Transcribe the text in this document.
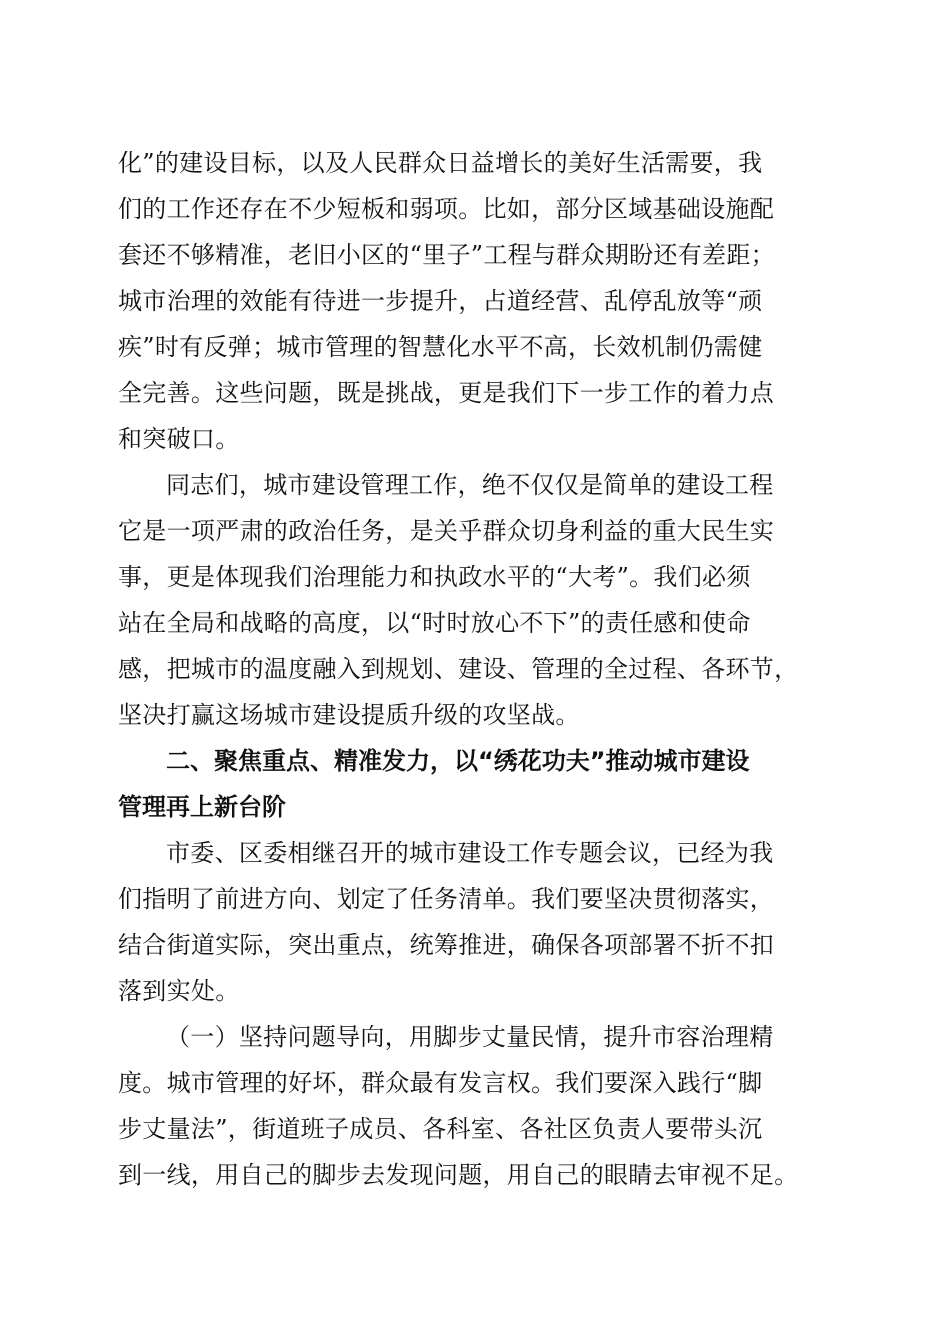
化”的建设目标，以及人民群众日益增长的美好生活需要，我
们的工作还存在不少短板和弱项。比如，部分区域基础设施配
套还不够精准，老旧小区的“里子”工程与群众期盼还有差距；
城市治理的效能有待进一步提升，占道经营、乱停乱放等“顽
疾”时有反弹；城市管理的智慧化水平不高，长效机制仍需健
全完善。这些问题，既是挑战，更是我们下一步工作的着力点
和突破口。
同志们，城市建设管理工作，绝不仅仅是简单的建设工程
它是一项严肃的政治任务，是关乎群众切身利益的重大民生实
事，更是体现我们治理能力和执政水平的“大考”。我们必须
站在全局和战略的高度，以“时时放心不下”的责任感和使命
感，把城市的温度融入到规划、建设、管理的全过程、各环节，
坚决打赢这场城市建设提质升级的攻坚战。
二、聚焦重点、精准发力，以“绣花功夫”推动城市建设
管理再上新台阶
市委、区委相继召开的城市建设工作专题会议，已经为我
们指明了前进方向、划定了任务清单。我们要坚决贯彻落实，
结合街道实际，突出重点，统筹推进，确保各项部署不折不扣
落到实处。
（一）坚持问题导向，用脚步丈量民情，提升市容治理精
度。城市管理的好坏，群众最有发言权。我们要深入践行“脚
步丈量法”，街道班子成员、各科室、各社区负责人要带头沉
到一线，用自己的脚步去发现问题，用自己的眼睛去审视不足。
